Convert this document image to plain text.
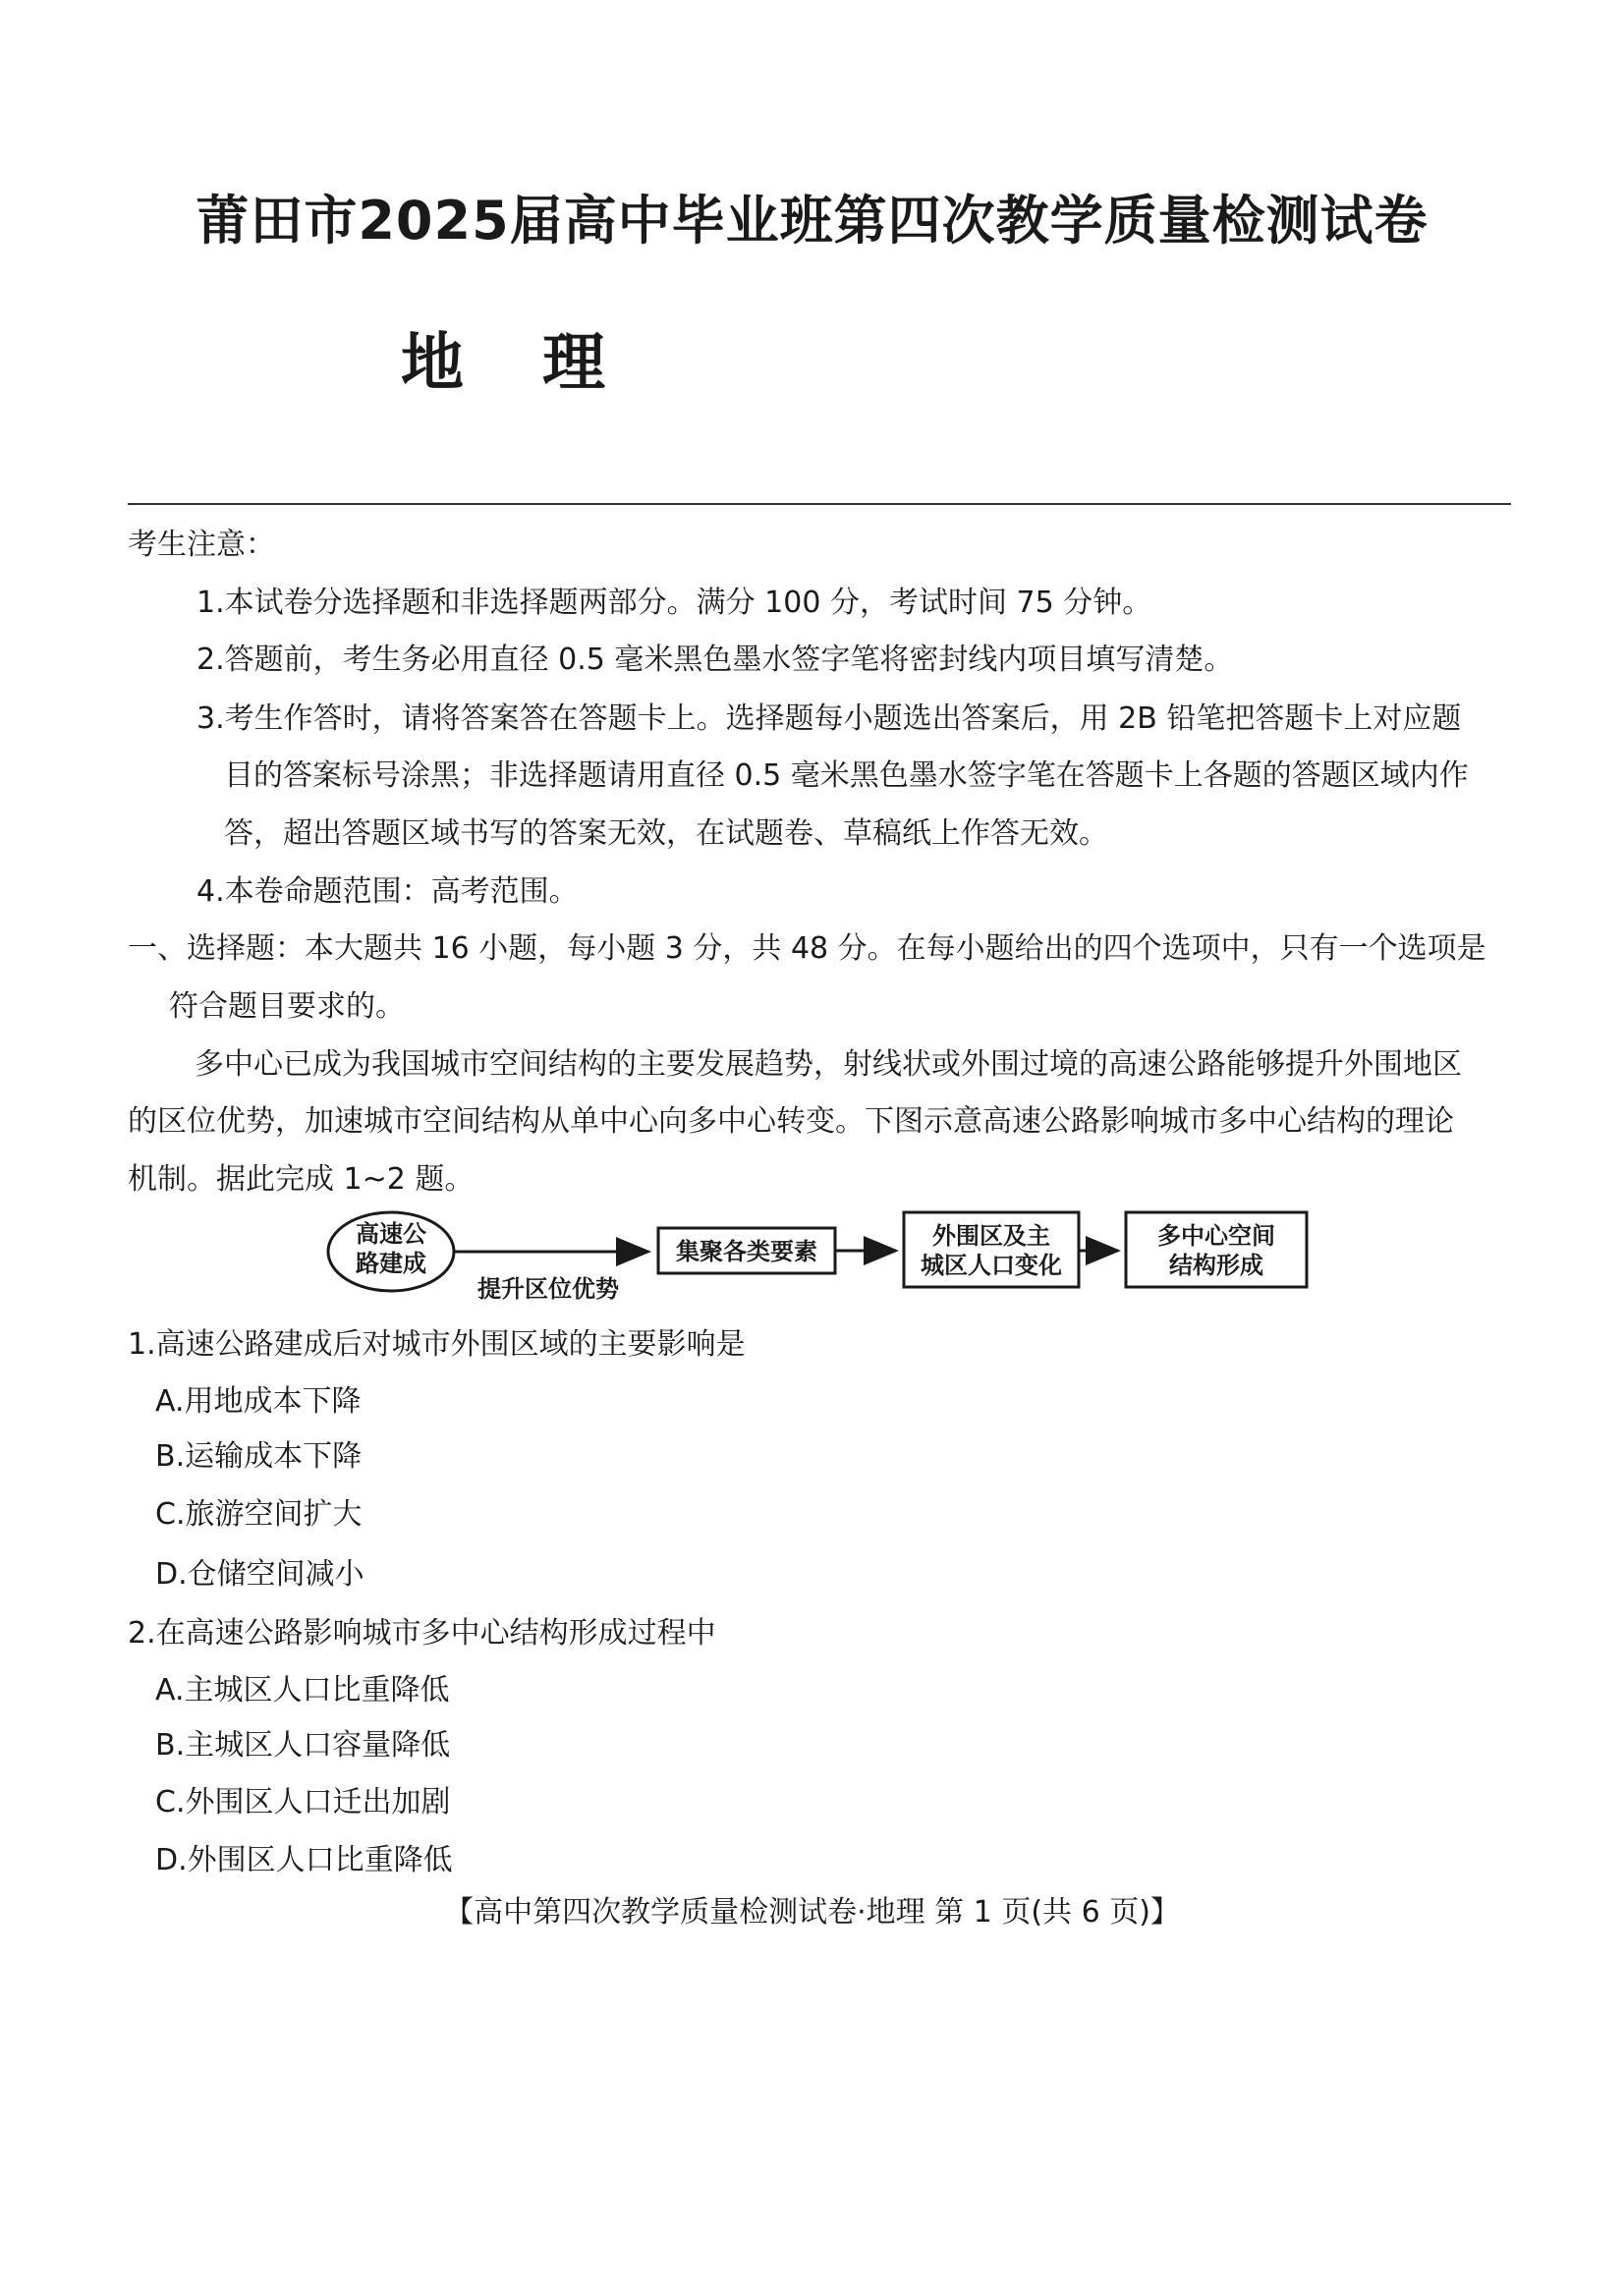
莆田市2025届高中毕业班第四次教学质量检测试卷
地理
考生注意：
1.本试卷分选择题和非选择题两部分。满分 100 分，考试时间 75 分钟。
2.答题前，考生务必用直径 0.5 毫米黑色墨水签字笔将密封线内项目填写清楚。
3.考生作答时，请将答案答在答题卡上。选择题每小题选出答案后，用 2B 铅笔把答题卡上对应题
目的答案标号涂黑；非选择题请用直径 0.5 毫米黑色墨水签字笔在答题卡上各题的答题区域内作
答，超出答题区域书写的答案无效，在试题卷、草稿纸上作答无效。
4.本卷命题范围：高考范围。
一、选择题：本大题共 16 小题，每小题 3 分，共 48 分。在每小题给出的四个选项中，只有一个选项是
符合题目要求的。
多中心已成为我国城市空间结构的主要发展趋势，射线状或外围过境的高速公路能够提升外围地区
的区位优势，加速城市空间结构从单中心向多中心转变。下图示意高速公路影响城市多中心结构的理论
机制。据此完成 1~2 题。
高速公
路建成
提升区位优势
集聚各类要素
外围区及主
城区人口变化
多中心空间
结构形成
1.高速公路建成后对城市外围区域的主要影响是
A.用地成本下降
B.运输成本下降
C.旅游空间扩大
D.仓储空间减小
2.在高速公路影响城市多中心结构形成过程中
A.主城区人口比重降低
B.主城区人口容量降低
C.外围区人口迁出加剧
D.外围区人口比重降低
【高中第四次教学质量检测试卷·地理 第 1 页(共 6 页)】
